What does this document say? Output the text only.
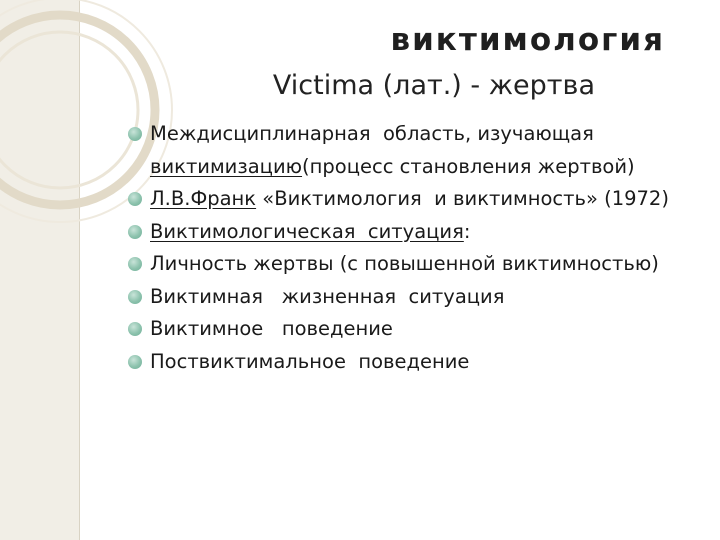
виктимология
Victima (лат.) - жертва
Междисциплинарная  область, изучающая виктимизацию(процесс становления жертвой)
Л.В.Франк «Виктимология  и виктимность» (1972)
Виктимологическая  ситуация:
Личность жертвы (с повышенной виктимностью)
Виктимная   жизненная  ситуация
Виктимное   поведение
Поствиктимальное  поведение
